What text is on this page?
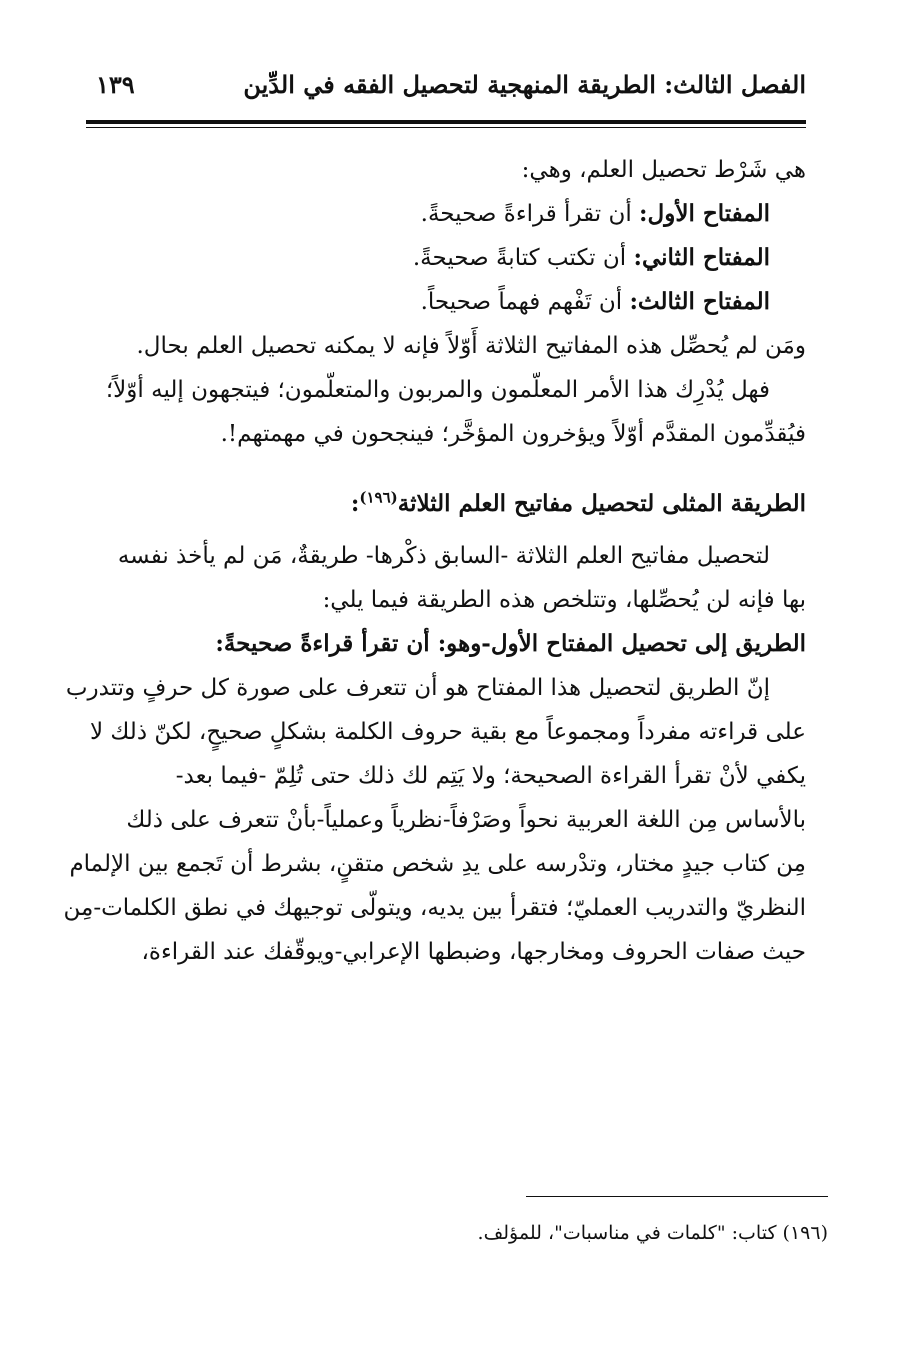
الفصل الثالث: الطريقة المنهجية لتحصيل الفقه في الدِّين
١٣٩

هي شَرْط تحصيل العلم، وهي:

المفتاح الأول: أن تقرأ قراءةً صحيحةً.

المفتاح الثاني: أن تكتب كتابةً صحيحةً.

المفتاح الثالث: أن تَفْهم فهماً صحيحاً.

ومَن لم يُحصِّل هذه المفاتيح الثلاثة أَوّلاً فإنه لا يمكنه تحصيل العلم بحال.

فهل يُدْرِك هذا الأمر المعلّمون والمربون والمتعلّمون؛ فيتجهون إليه أوّلاً؛
فيُقدِّمون المقدَّم أوّلاً ويؤخرون المؤخَّر؛ فينجحون في مهمتهم!.

الطريقة المثلى لتحصيل مفاتيح العلم الثلاثة$^{(١٩٦)}$:

لتحصيل مفاتيح العلم الثلاثة -السابق ذكْرها- طريقةٌ، مَن لم يأخذ نفسه
بها فإنه لن يُحصِّلها، وتتلخص هذه الطريقة فيما يلي:

الطريق إلى تحصيل المفتاح الأول-وهو: أن تقرأ قراءةً صحيحةً:

إنّ الطريق لتحصيل هذا المفتاح هو أن تتعرف على صورة كل حرفٍ وتتدرب
على قراءته مفرداً ومجموعاً مع بقية حروف الكلمة بشكلٍ صحيحٍ، لكنّ ذلك لا
يكفي لأنْ تقرأ القراءة الصحيحة؛ ولا يَتِم لك ذلك حتى تُلِمّ -فيما بعد-
بالأساس مِن اللغة العربية نحواً وصَرْفاً-نظرياً وعملياً-بأنْ تتعرف على ذلك
مِن كتاب جيدٍ مختار، وتدْرسه على يدِ شخص متقنٍ، بشرط أن تَجمع بين الإلمام
النظريّ والتدريب العمليّ؛ فتقرأ بين يديه، ويتولّى توجيهك في نطق الكلمات-مِن
حيث صفات الحروف ومخارجها، وضبطها الإعرابي-ويوقّفك عند القراءة،

(١٩٦) كتاب: "كلمات في مناسبات"، للمؤلف.
